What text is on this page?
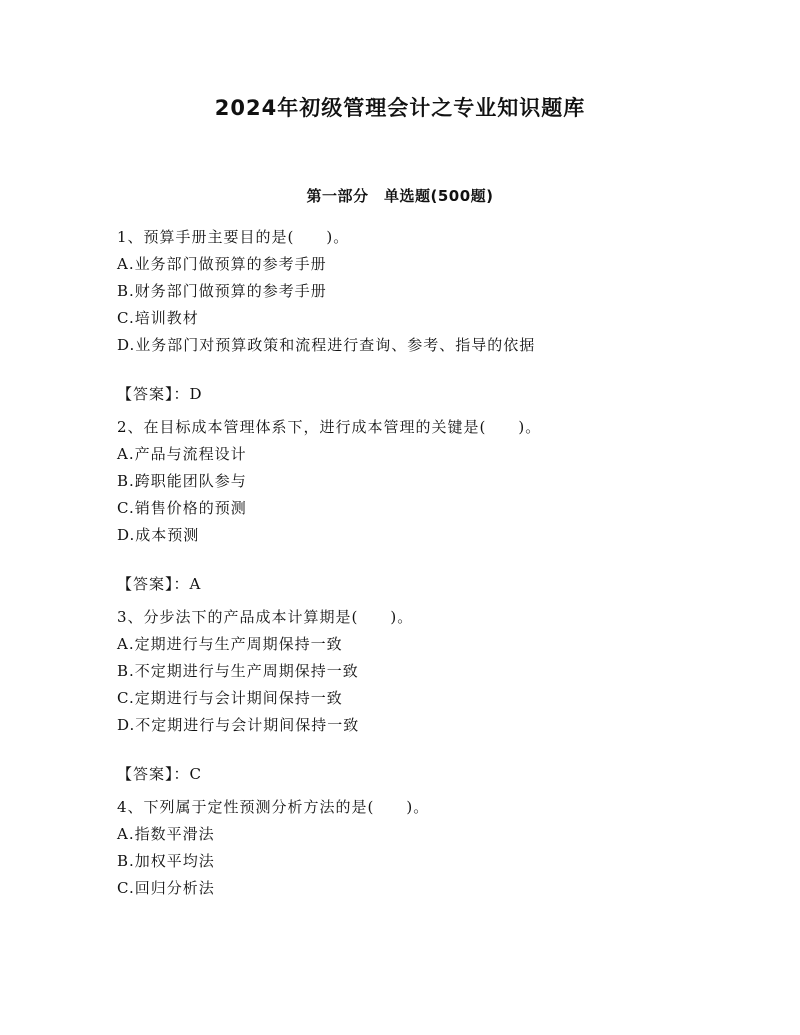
2024年初级管理会计之专业知识题库
第一部分　单选题(500题)
1、预算手册主要目的是(　　)。
A.业务部门做预算的参考手册
B.财务部门做预算的参考手册
C.培训教材
D.业务部门对预算政策和流程进行查询、参考、指导的依据
【答案】：D
2、在目标成本管理体系下，进行成本管理的关键是(　　)。
A.产品与流程设计
B.跨职能团队参与
C.销售价格的预测
D.成本预测
【答案】：A
3、分步法下的产品成本计算期是(　　)。
A.定期进行与生产周期保持一致
B.不定期进行与生产周期保持一致
C.定期进行与会计期间保持一致
D.不定期进行与会计期间保持一致
【答案】：C
4、下列属于定性预测分析方法的是(　　)。
A.指数平滑法
B.加权平均法
C.回归分析法
